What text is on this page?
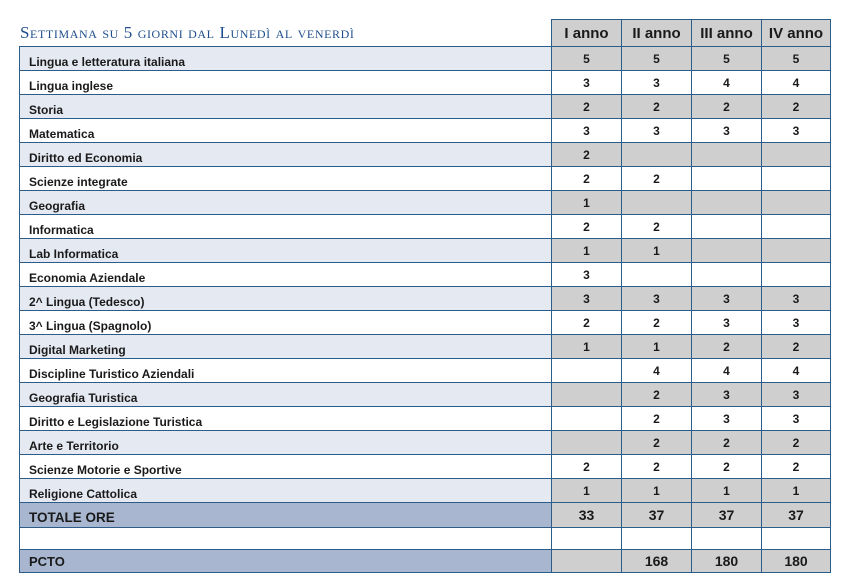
	I anno	II anno	III anno	IV anno
Lingua e letteratura italiana	5	5	5	5
Lingua inglese	3	3	4	4
Storia	2	2	2	2
Matematica	3	3	3	3
Diritto ed Economia	2			
Scienze integrate	2	2		
Geografia	1			
Informatica	2	2		
Lab Informatica	1	1		
Economia Aziendale	3			
2^ Lingua (Tedesco)	3	3	3	3
3^ Lingua (Spagnolo)	2	2	3	3
Digital Marketing	1	1	2	2
Discipline Turistico Aziendali		4	4	4
Geografia Turistica		2	3	3
Diritto e Legislazione Turistica		2	3	3
Arte e Territorio		2	2	2
Scienze Motorie e Sportive	2	2	2	2
Religione Cattolica	1	1	1	1
TOTALE ORE	33	37	37	37

PCTO		168	180	180
Settimana su 5 giorni dal Lunedì al venerdì
